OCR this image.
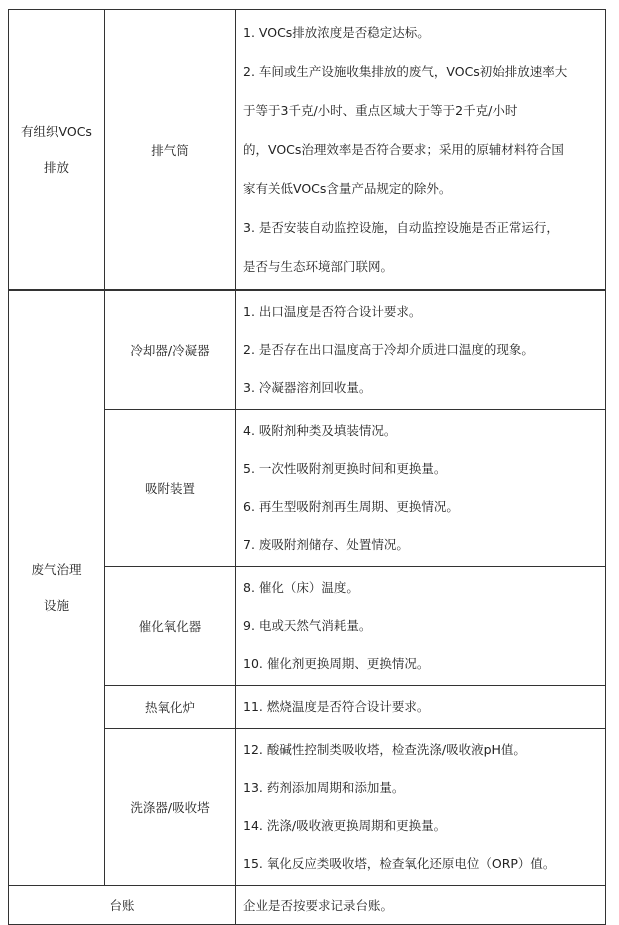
有组织VOCs
排放	排气筒	
1. VOCs排放浓度是否稳定达标。
2. 车间或生产设施收集排放的废气，VOCs初始排放速率大
于等于3千克/小时、重点区域大于等于2千克/小时
的，VOCs治理效率是否符合要求；采用的原辅材料符合国
家有关低VOCs含量产品规定的除外。
3. 是否安装自动监控设施，自动监控设施是否正常运行，
是否与生态环境部门联网。
废气治理
设施	冷却器/冷凝器	1. 出口温度是否符合设计要求。
2. 是否存在出口温度高于冷却介质进口温度的现象。
3. 冷凝器溶剂回收量。

	吸附装置	4. 吸附剂种类及填装情况。
5. 一次性吸附剂更换时间和更换量。
6. 再生型吸附剂再生周期、更换情况。
7. 废吸附剂储存、处置情况。

	催化氧化器	8. 催化（床）温度。
9. 电或天然气消耗量。
10. 催化剂更换周期、更换情况。

	热氧化炉	11. 燃烧温度是否符合设计要求。

	洗涤器/吸收塔	12. 酸碱性控制类吸收塔，检查洗涤/吸收液pH值。
13. 药剂添加周期和添加量。
14. 洗涤/吸收液更换周期和更换量。
15. 氧化反应类吸收塔，检查氧化还原电位（ORP）值。

台账		企业是否按要求记录台账。
